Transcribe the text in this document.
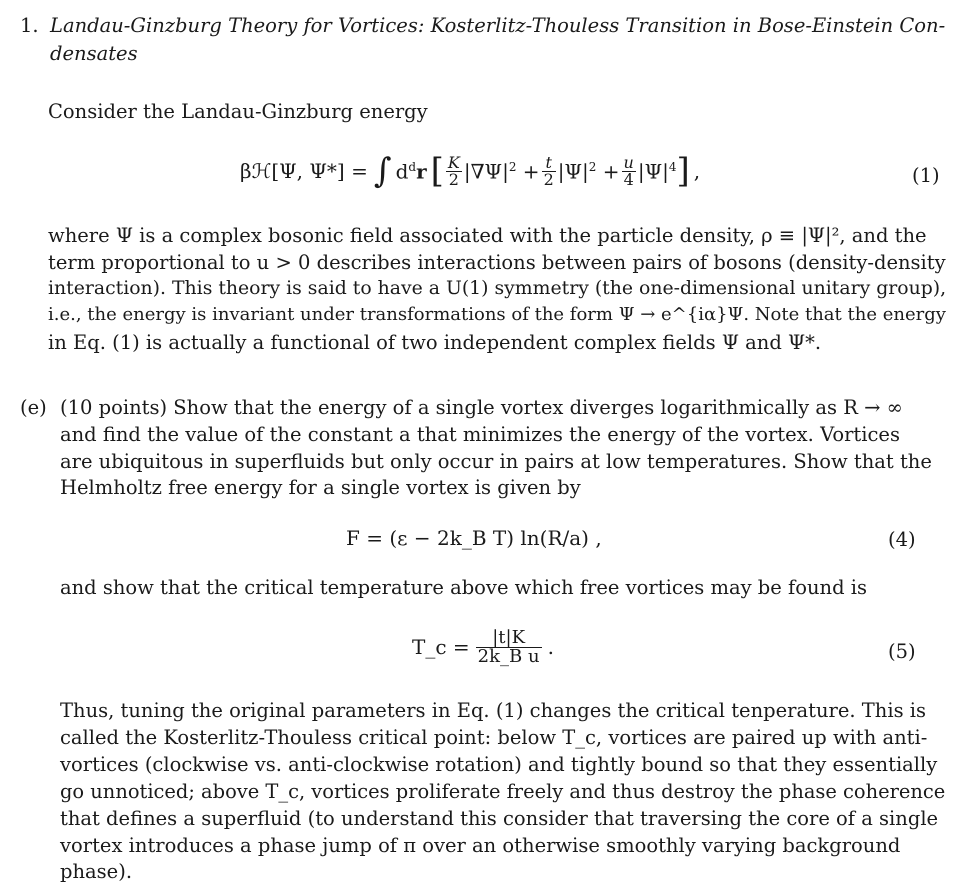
1. Landau-Ginzburg Theory for Vortices: Kosterlitz-Thouless Transition in Bose-Einstein Con-
densates
Consider the Landau-Ginzburg energy
βℋ[Ψ, Ψ*] = ∫ $d^dr$ [ $\frac{K}{2} |\nabla\Psi|^2 + \frac{t}{2} |\Psi|^2 + \frac{u}{4} |\Psi|^4$ ] ,	(1)
where Ψ is a complex bosonic field associated with the particle density, ρ ≡ |Ψ|², and the
term proportional to u > 0 describes interactions between pairs of bosons (density-density
interaction). This theory is said to have a U(1) symmetry (the one-dimensional unitary group),
i.e., the energy is invariant under transformations of the form Ψ → e^{iα}Ψ. Note that the energy
in Eq. (1) is actually a functional of two independent complex fields Ψ and Ψ*.
(e) (10 points) Show that the energy of a single vortex diverges logarithmically as R → ∞
and find the value of the constant a that minimizes the energy of the vortex. Vortices
are ubiquitous in superfluids but only occur in pairs at low temperatures. Show that the
Helmholtz free energy for a single vortex is given by
F = (ε − 2k_B T) ln(R/a) ,	(4)
and show that the critical temperature above which free vortices may be found is
T_c = $\frac{|t|K}{\text{2k\_B u}}$ .	(5)
Thus, tuning the original parameters in Eq. (1) changes the critical tenperature. This is
called the Kosterlitz-Thouless critical point: below T_c, vortices are paired up with anti-
vortices (clockwise vs. anti-clockwise rotation) and tightly bound so that they essentially
go unnoticed; above T_c, vortices proliferate freely and thus destroy the phase coherence
that defines a superfluid (to understand this consider that traversing the core of a single
vortex introduces a phase jump of π over an otherwise smoothly varying background
phase).
